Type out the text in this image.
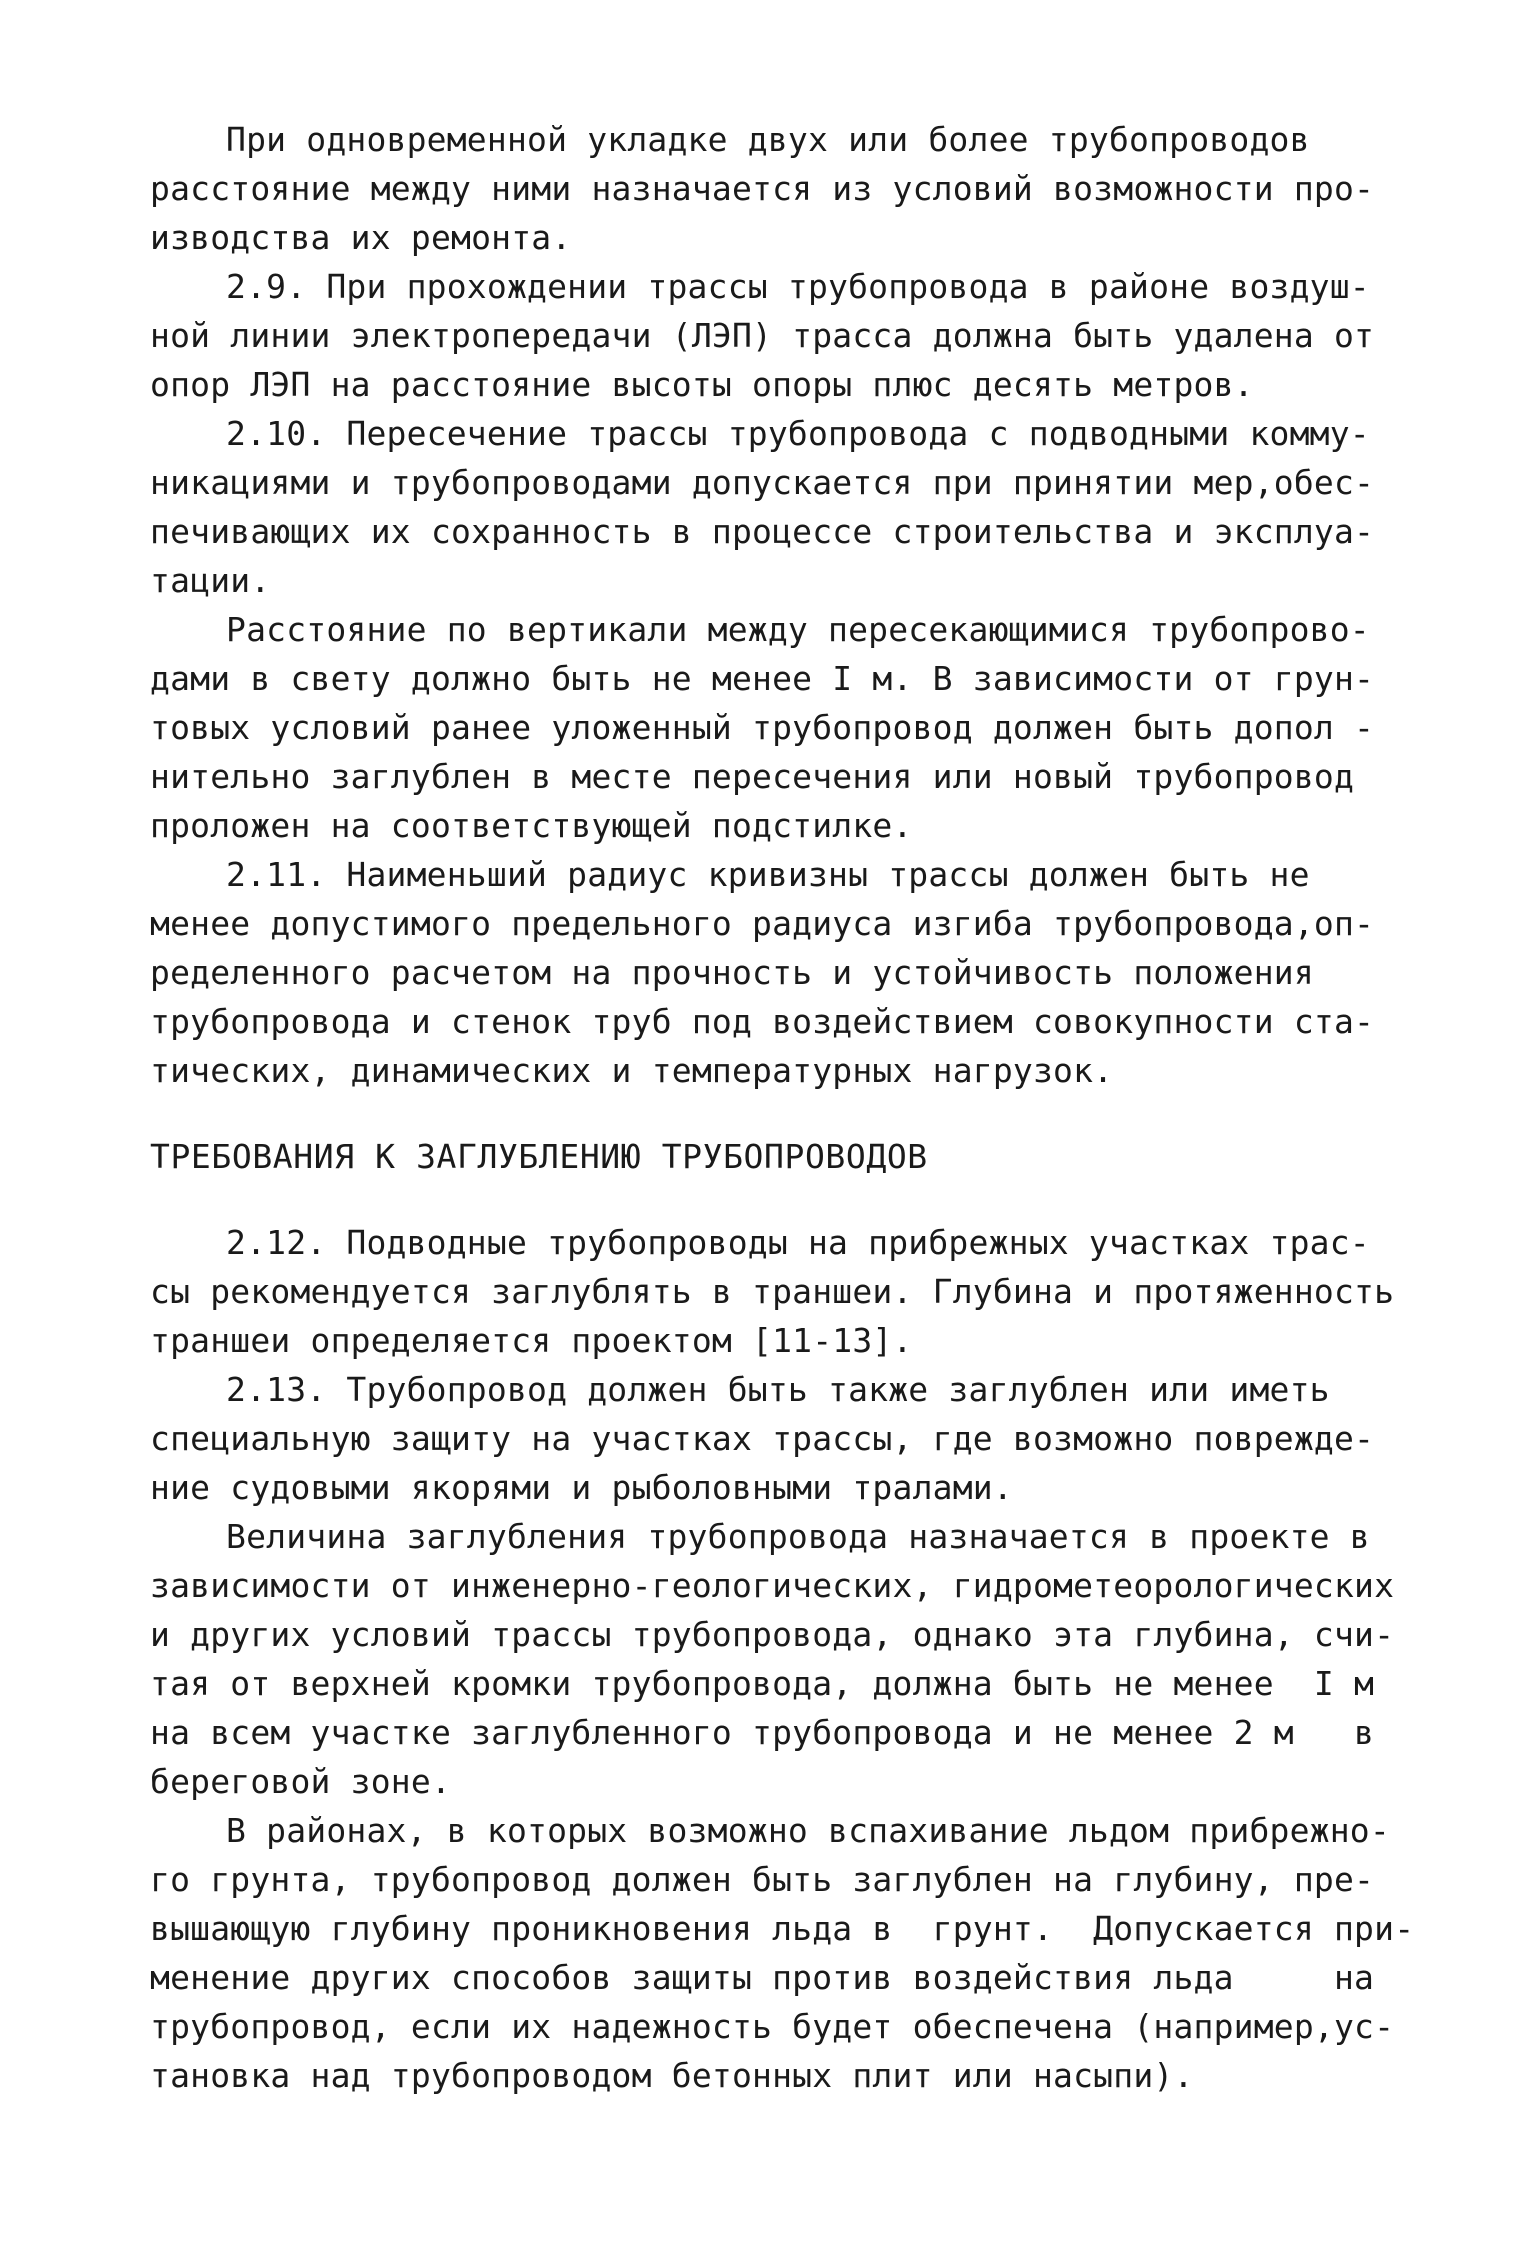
При одновременной укладке двух или более трубопроводов
расстояние между ними назначается из условий возможности про-
изводства их ремонта.
2.9. При прохождении трассы трубопровода в районе воздуш-
ной линии электропередачи (ЛЭП) трасса должна быть удалена от
опор ЛЭП на расстояние высоты опоры плюс десять метров.
2.10. Пересечение трассы трубопровода с подводными комму-
никациями и трубопроводами допускается при принятии мер,обес-
печивающих их сохранность в процессе строительства и эксплуа-
тации.
Расстояние по вертикали между пересекающимися трубопрово-
дами в свету должно быть не менее I м. В зависимости от грун-
товых условий ранее уложенный трубопровод должен быть допол -
нительно заглублен в месте пересечения или новый трубопровод
проложен на соответствующей подстилке.
2.11. Наименьший радиус кривизны трассы должен быть не
менее допустимого предельного радиуса изгиба трубопровода,оп-
ределенного расчетом на прочность и устойчивость положения
трубопровода и стенок труб под воздействием совокупности ста-
тических, динамических и температурных нагрузок.
ТРЕБОВАНИЯ К ЗАГЛУБЛЕНИЮ ТРУБОПРОВОДОВ
2.12. Подводные трубопроводы на прибрежных участках трас-
сы рекомендуется заглублять в траншеи. Глубина и протяженность
траншеи определяется проектом [11-13].
2.13. Трубопровод должен быть также заглублен или иметь
специальную защиту на участках трассы, где возможно поврежде-
ние судовыми якорями и рыболовными тралами.
Величина заглубления трубопровода назначается в проекте в
зависимости от инженерно-геологических, гидрометеорологических
и других условий трассы трубопровода, однако эта глубина, счи-
тая от верхней кромки трубопровода, должна быть не менее  I м
на всем участке заглубленного трубопровода и не менее 2 м   в
береговой зоне.
В районах, в которых возможно вспахивание льдом прибрежно-
го грунта, трубопровод должен быть заглублен на глубину, пре-
вышающую глубину проникновения льда в  грунт.  Допускается при-
менение других способов защиты против воздействия льда     на
трубопровод, если их надежность будет обеспечена (например,ус-
тановка над трубопроводом бетонных плит или насыпи).
